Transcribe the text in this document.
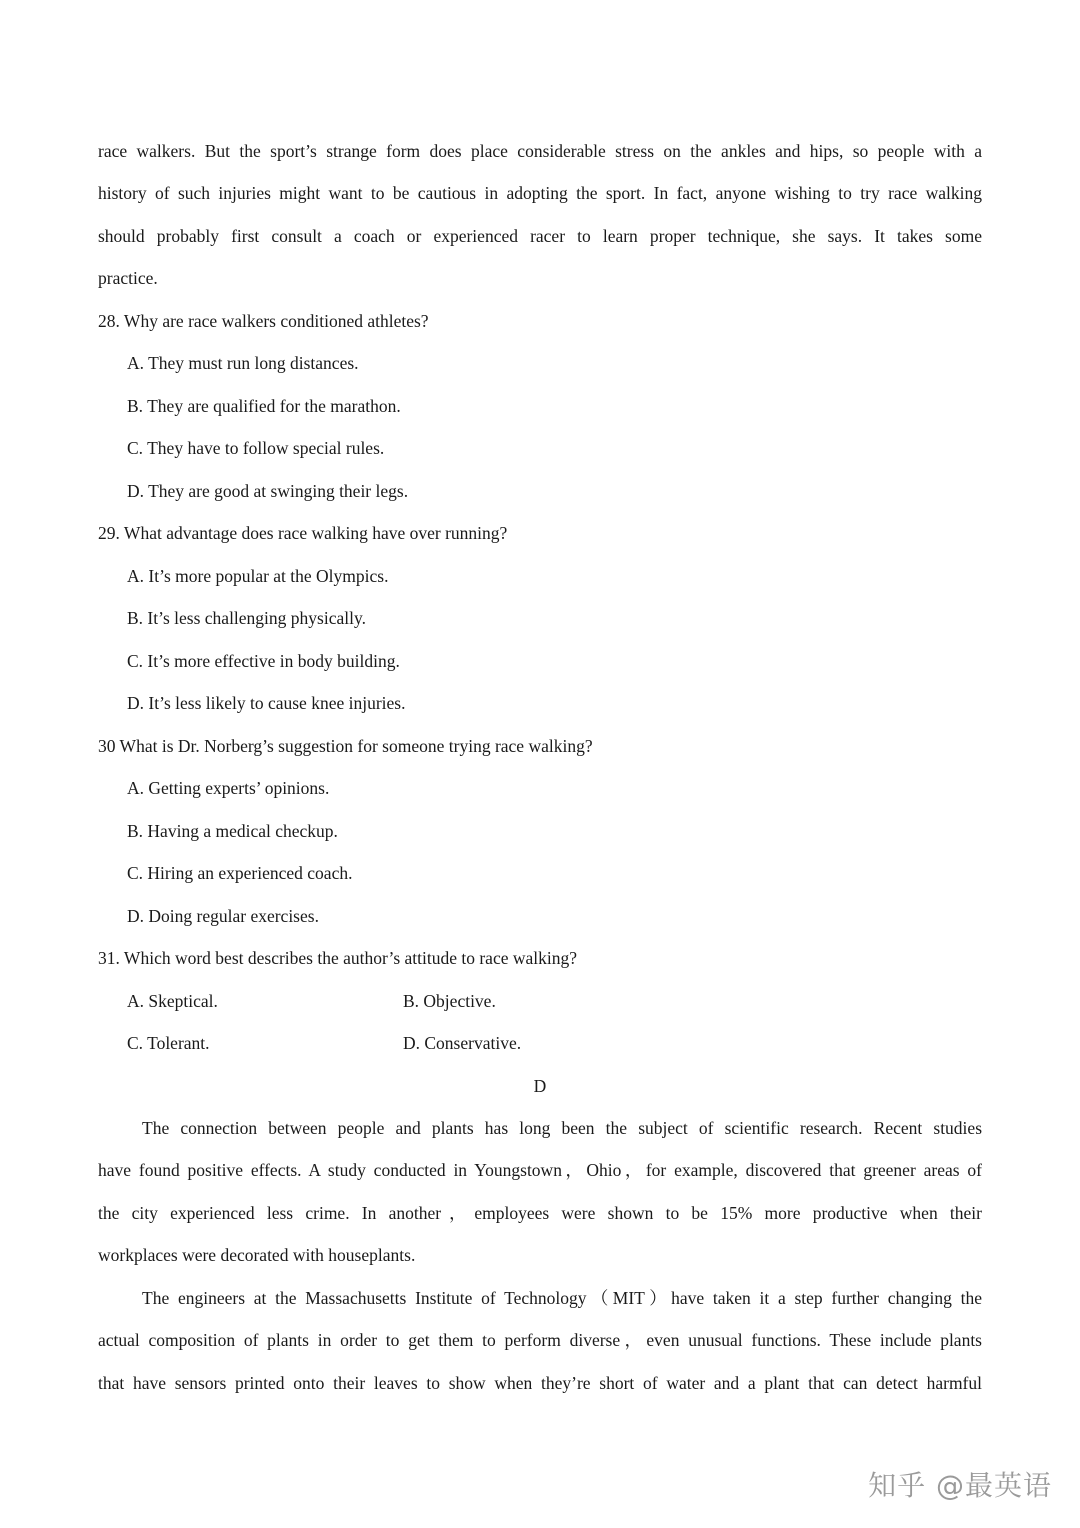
race walkers. But the sport’s strange form does place considerable stress on the ankles and hips, so people with a
history of such injuries might want to be cautious in adopting the sport. In fact, anyone wishing to try race walking
should probably first consult a coach or experienced racer to learn proper technique, she says. It takes some
practice.
28. Why are race walkers conditioned athletes?
A. They must run long distances.
B. They are qualified for the marathon.
C. They have to follow special rules.
D. They are good at swinging their legs.
29. What advantage does race walking have over running?
A. It’s more popular at the Olympics.
B. It’s less challenging physically.
C. It’s more effective in body building.
D. It’s less likely to cause knee injuries.
30 What is Dr. Norberg’s suggestion for someone trying race walking?
A. Getting experts’ opinions.
B. Having a medical checkup.
C. Hiring an experienced coach.
D. Doing regular exercises.
31. Which word best describes the author’s attitude to race walking?
A. Skeptical.	B. Objective.
C. Tolerant.	D. Conservative.
D
The connection between people and plants has long been the subject of scientific research. Recent studies
have found positive effects. A study conducted in Youngstown，Ohio，for example, discovered that greener areas of
the city experienced less crime. In another，employees were shown to be 15% more productive when their
workplaces were decorated with houseplants.
The engineers at the Massachusetts Institute of Technology（MIT）have taken it a step further changing the
actual composition of plants in order to get them to perform diverse，even unusual functions. These include plants
that have sensors printed onto their leaves to show when they’re short of water and a plant that can detect harmful
知乎 @最英语
